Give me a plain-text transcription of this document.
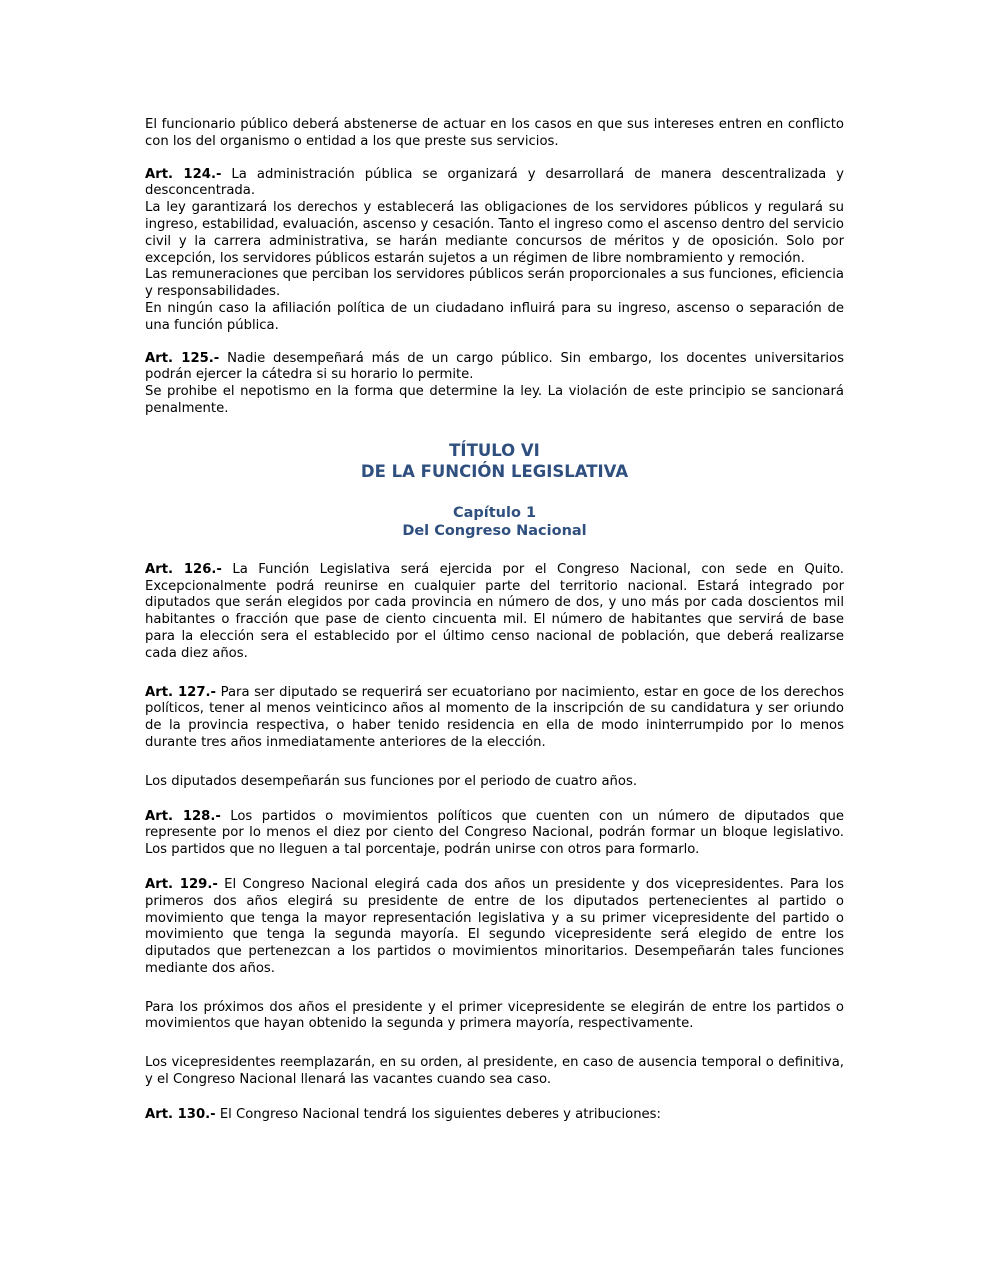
El funcionario público deberá abstenerse de actuar en los casos en que sus intereses entren en conflicto con los del organismo o entidad a los que preste sus servicios.

Art. 124.- La administración pública se organizará y desarrollará de manera descentralizada y desconcentrada.

La ley garantizará los derechos y establecerá las obligaciones de los servidores públicos y regulará su ingreso, estabilidad, evaluación, ascenso y cesación. Tanto el ingreso como el ascenso dentro del servicio civil y la carrera administrativa, se harán mediante concursos de méritos y de oposición. Solo por excepción, los servidores públicos estarán sujetos a un régimen de libre nombramiento y remoción.

Las remuneraciones que perciban los servidores públicos serán proporcionales a sus funciones, eficiencia y responsabilidades.

En ningún caso la afiliación política de un ciudadano influirá para su ingreso, ascenso o separación de una función pública.

Art. 125.- Nadie desempeñará más de un cargo público. Sin embargo, los docentes universitarios podrán ejercer la cátedra si su horario lo permite.

Se prohibe el nepotismo en la forma que determine la ley. La violación de este principio se sancionará penalmente.

TÍTULO VI

DE LA FUNCIÓN LEGISLATIVA

Capítulo 1

Del Congreso Nacional

Art. 126.- La Función Legislativa será ejercida por el Congreso Nacional, con sede en Quito. Excepcionalmente podrá reunirse en cualquier parte del territorio nacional. Estará integrado por diputados que serán elegidos por cada provincia en número de dos, y uno más por cada doscientos mil habitantes o fracción que pase de ciento cincuenta mil. El número de habitantes que servirá de base para la elección sera el establecido por el último censo nacional de población, que deberá realizarse cada diez años.

Art. 127.- Para ser diputado se requerirá ser ecuatoriano por nacimiento, estar en goce de los derechos políticos, tener al menos veinticinco años al momento de la inscripción de su candidatura y ser oriundo de la provincia respectiva, o haber tenido residencia en ella de modo ininterrumpido por lo menos durante tres años inmediatamente anteriores de la elección.

Los diputados desempeñarán sus funciones por el periodo de cuatro años.

Art. 128.- Los partidos o movimientos políticos que cuenten con un número de diputados que represente por lo menos el diez por ciento del Congreso Nacional, podrán formar un bloque legislativo. Los partidos que no lleguen a tal porcentaje, podrán unirse con otros para formarlo.

Art. 129.- El Congreso Nacional elegirá cada dos años un presidente y dos vicepresidentes. Para los primeros dos años elegirá su presidente de entre de los diputados pertenecientes al partido o movimiento que tenga la mayor representación legislativa y a su primer vicepresidente del partido o movimiento que tenga la segunda mayoría. El segundo vicepresidente será elegido de entre los diputados que pertenezcan a los partidos o movimientos minoritarios. Desempeñarán tales funciones mediante dos años.

Para los próximos dos años el presidente y el primer vicepresidente se elegirán de entre los partidos o movimientos que hayan obtenido la segunda y primera mayoría, respectivamente.

Los vicepresidentes reemplazarán, en su orden, al presidente, en caso de ausencia temporal o definitiva, y el Congreso Nacional llenará las vacantes cuando sea caso.

Art. 130.- El Congreso Nacional tendrá los siguientes deberes y atribuciones:
